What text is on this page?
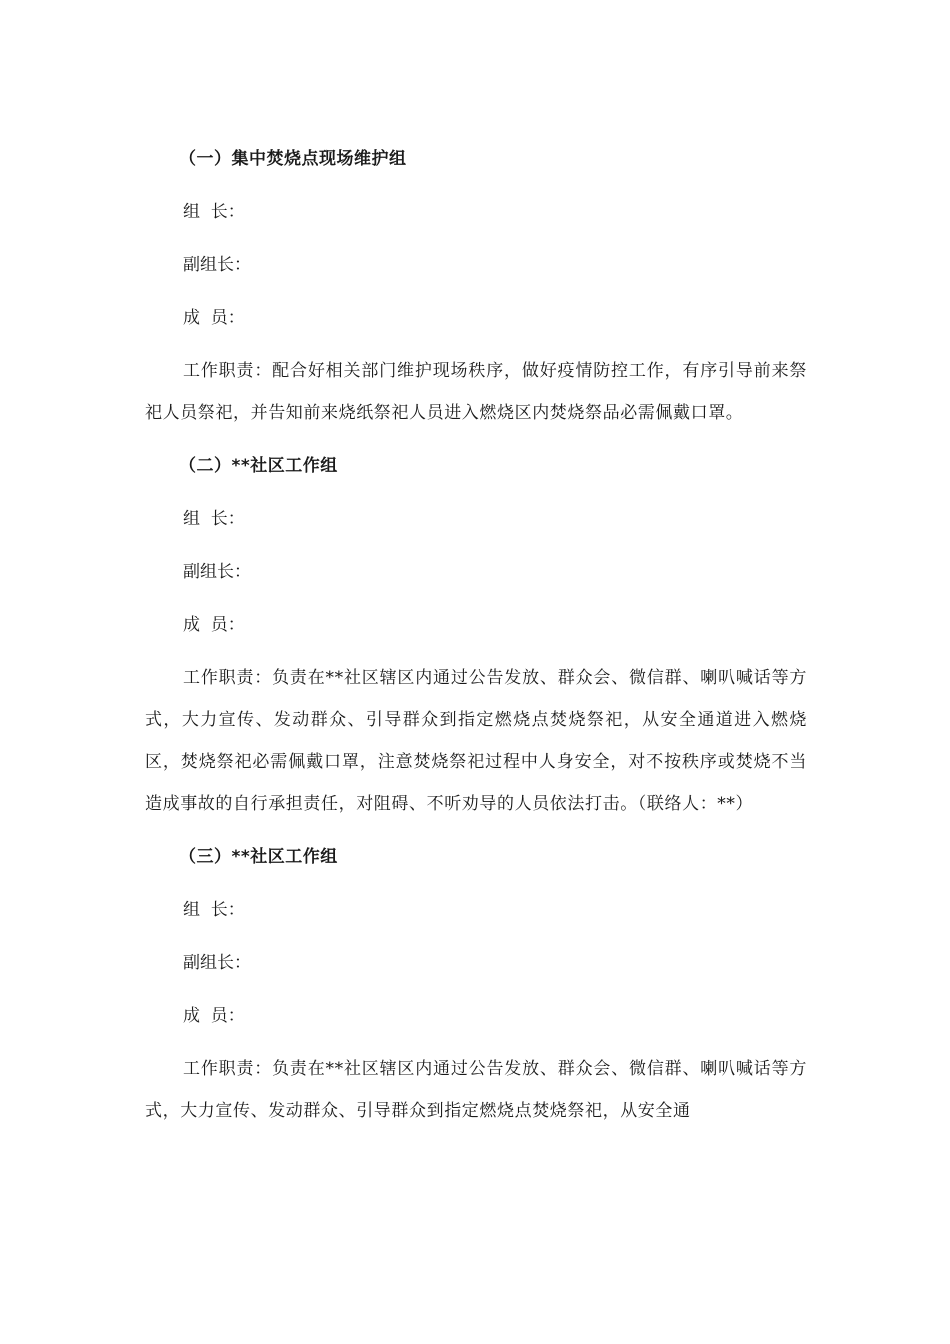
（一）集中焚烧点现场维护组
组  长：
副组长：
成  员：

工作职责：配合好相关部门维护现场秩序，做好疫情防控工作，有序引导前来祭祀人员祭祀，并告知前来烧纸祭祀人员进入燃烧区内焚烧祭品必需佩戴口罩。

（二）**社区工作组
组  长：
副组长：
成  员：

工作职责：负责在**社区辖区内通过公告发放、群众会、微信群、喇叭喊话等方式，大力宣传、发动群众、引导群众到指定燃烧点焚烧祭祀，从安全通道进入燃烧区，焚烧祭祀必需佩戴口罩，注意焚烧祭祀过程中人身安全，对不按秩序或焚烧不当造成事故的自行承担责任，对阻碍、不听劝导的人员依法打击。（联络人：**）

（三）**社区工作组
组  长：
副组长：
成  员：

工作职责：负责在**社区辖区内通过公告发放、群众会、微信群、喇叭喊话等方式，大力宣传、发动群众、引导群众到指定燃烧点焚烧祭祀，从安全通
